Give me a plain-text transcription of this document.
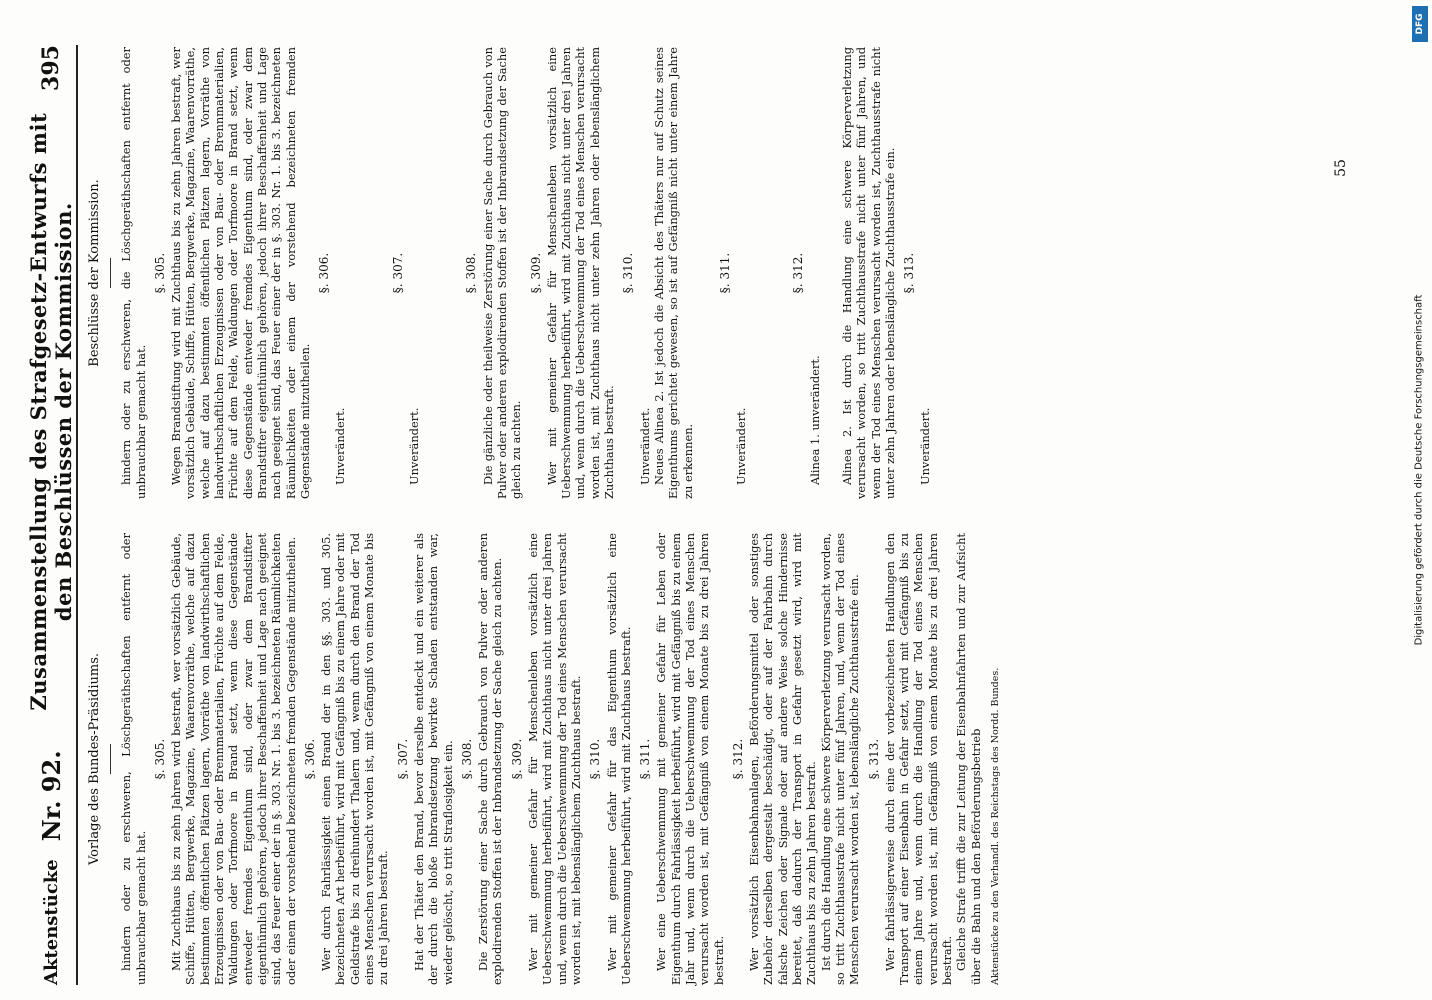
Aktenstücke
Nr. 92.
Zusammenstellung des Strafgesetz-Entwurfs mit den Beschlüssen der Kommission.
395
Vorlage des Bundes-Präsidiums. hindern oder zu erschweren, Löschgeräthschaften entfernt oder unbrauchbar gemacht hat.

§. 305. Mit Zuchthaus bis zu zehn Jahren wird bestraft, wer vorsätzlich Gebäude, Schiffe, Hütten, Bergwerke, Magazine, Waarenvorräthe, welche auf dazu bestimmten öffentlichen Plätzen lagern, Vorräthe von landwirthschaftlichen Erzeugnissen oder von Bau- oder Brennmaterialien, Früchte auf dem Felde, Waldungen oder Torfmoore in Brand setzt, wenn diese Gegenstände entweder fremdes Eigenthum sind, oder zwar dem Brandstifter eigenthümlich gehören, jedoch ihrer Beschaffenheit und Lage nach geeignet sind, das Feuer einer der in §. 303. Nr. 1. bis 3. bezeichneten Räumlichkeiten oder einem der vorstehend bezeichneten fremden Gegenstände mitzutheilen. §. 306. Wer durch Fahrlässigkeit einen Brand der in den §§. 303. und 305. bezeichneten Art herbeiführt, wird mit Gefängniß bis zu einem Jahre oder mit Geldstrafe bis zu dreihundert Thalern und, wenn durch den Brand der Tod eines Menschen verursacht worden ist, mit Gefängniß von einem Monate bis zu drei Jahren bestraft.

§. 307. Hat der Thäter den Brand, bevor derselbe entdeckt und ein weiterer als der durch die bloße Inbrandsetzung bewirkte Schaden entstanden war, wieder gelöscht, so tritt Straflosigkeit ein. §. 308. Die Zerstörung einer Sache durch Gebrauch von Pulver oder anderen explodirenden Stoffen ist der Inbrandsetzung der Sache gleich zu achten. §. 309. Wer mit gemeiner Gefahr für Menschenleben vorsätzlich eine Ueberschwemmung herbeiführt, wird mit Zuchthaus nicht unter drei Jahren und, wenn durch die Ueberschwemmung der Tod eines Menschen verursacht worden ist, mit lebenslänglichem Zuchthaus bestraft. §. 310. Wer mit gemeiner Gefahr für das Eigenthum vorsätzlich eine Ueberschwemmung herbeiführt, wird mit Zuchthaus bestraft. §. 311. Wer eine Ueberschwemmung mit gemeiner Gefahr für Leben oder Eigenthum durch Fahrlässigkeit herbeiführt, wird mit Gefängniß bis zu einem Jahr und, wenn durch die Ueberschwemmung der Tod eines Menschen verursacht worden ist, mit Gefängniß von einem Monate bis zu drei Jahren bestraft.

§. 312. Wer vorsätzlich Eisenbahnanlagen, Beförderungsmittel oder sonstiges Zubehör derselben dergestalt beschädigt, oder auf der Fahrbahn durch falsche Zeichen oder Signale oder auf andere Weise solche Hindernisse bereitet, daß dadurch der Transport in Gefahr gesetzt wird, wird mit Zuchthaus bis zu zehn Jahren bestraft. Ist durch die Handlung eine schwere Körperverletzung verursacht worden, so tritt Zuchthausstrafe nicht unter fünf Jahren, und, wenn der Tod eines Menschen verursacht worden ist, lebenslängliche Zuchthausstrafe ein. §. 313. Wer fahrlässigerweise durch eine der vorbezeichneten Handlungen den Transport auf einer Eisenbahn in Gefahr setzt, wird mit Gefängniß bis zu einem Jahre und, wenn durch die Handlung der Tod eines Menschen verursacht worden ist, mit Gefängniß von einem Monate bis zu drei Jahren bestraft. Gleiche Strafe trifft die zur Leitung der Eisenbahnfahrten und zur Aufsicht über die Bahn und den Beförderungsbetrieb Aktenstücke zu den Verhandl. des Reichstags des Nordd. Bundes.
Beschlüsse der Kommission. hindern oder zu erschweren, die Löschgeräthschaften entfernt oder unbrauchbar gemacht hat.

§. 305. Wegen Brandstiftung wird mit Zuchthaus bis zu zehn Jahren bestraft, wer vorsätzlich Gebäude, Schiffe, Hütten, Bergwerke, Magazine, Waarenvorräthe, welche auf dazu bestimmten öffentlichen Plätzen lagern, Vorräthe von landwirthschaftlichen Erzeugnissen oder von Bau- oder Brennmaterialien, Früchte auf dem Felde, Waldungen oder Torfmoore in Brand setzt, wenn diese Gegenstände entweder fremdes Eigenthum sind, oder zwar dem Brandstifter eigenthümlich gehören, jedoch ihrer Beschaffenheit und Lage nach geeignet sind, das Feuer einer der in §. 303. Nr. 1. bis 3. bezeichneten Räumlichkeiten oder einem der vorstehend bezeichneten fremden Gegenstände mitzutheilen.

§. 306.

Unverändert.

§. 307.

Unverändert.

§. 308. Die gänzliche oder theilweise Zerstörung einer Sache durch Gebrauch von Pulver oder anderen explodirenden Stoffen ist der Inbrandsetzung der Sache gleich zu achten.

§. 309. Wer mit gemeiner Gefahr für Menschenleben vorsätzlich eine Ueberschwemmung herbeiführt, wird mit Zuchthaus nicht unter drei Jahren und, wenn durch die Ueberschwemmung der Tod eines Menschen verursacht worden ist, mit Zuchthaus nicht unter zehn Jahren oder lebenslänglichem Zuchthaus bestraft.

§. 310.

Unverändert. Neues Alinea 2. Ist jedoch die Absicht des Thäters nur auf Schutz seines Eigenthums gerichtet gewesen, so ist auf Gefängniß nicht unter einem Jahre zu erkennen.

§. 311.

Unverändert.

§. 312.

Alinea 1. unverändert. Alinea 2. Ist durch die Handlung eine schwere Körperverletzung verursacht worden, so tritt Zuchthausstrafe nicht unter fünf Jahren, und wenn der Tod eines Menschen verursacht worden ist, Zuchthausstrafe nicht unter zehn Jahren oder lebenslängliche Zuchthausstrafe ein. §. 313.

Unverändert.

55
DFG
Digitalisierung gefördert durch die Deutsche Forschungsgemeinschaft
